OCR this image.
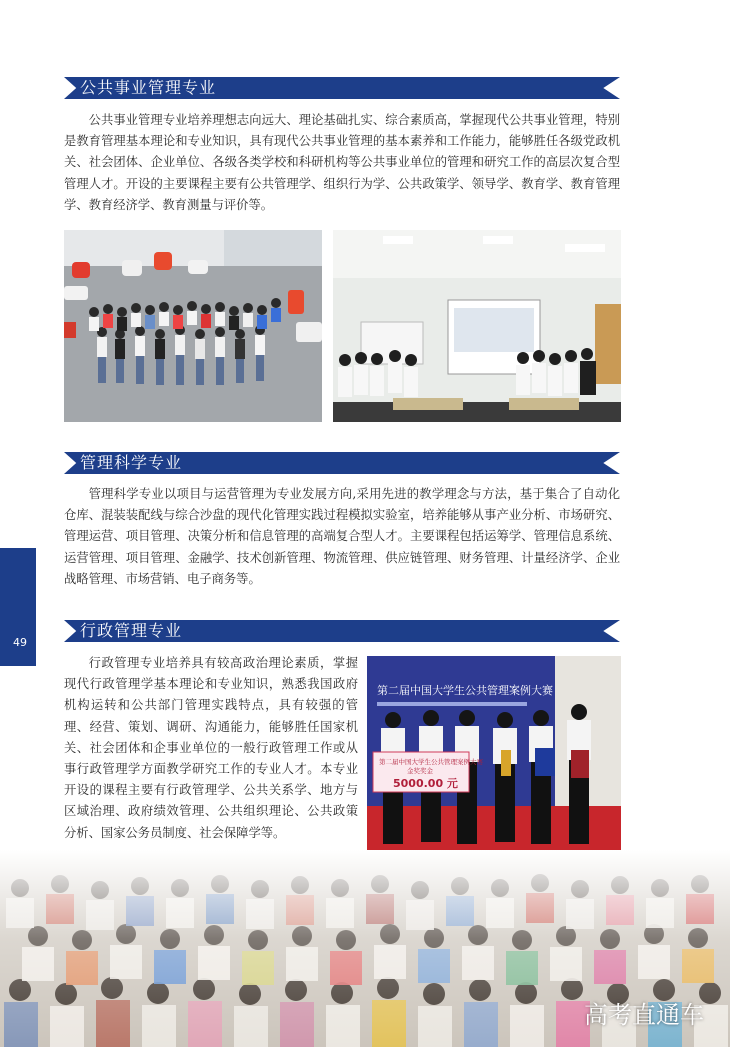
公共事业管理专业

公共事业管理专业培养理想志向远大、理论基础扎实、综合素质高，掌握现代公共事业管理，特别是教育管理基本理论和专业知识，具有现代公共事业管理的基本素养和工作能力，能够胜任各级党政机关、社会团体、企业单位、各级各类学校和科研机构等公共事业单位的管理和研究工作的高层次复合型管理人才。开设的主要课程主要有公共管理学、组织行为学、公共政策学、领导学、教育学、教育管理学、教育经济学、教育测量与评价等。

管理科学专业

管理科学专业以项目与运营管理为专业发展方向,采用先进的教学理念与方法，基于集合了自动化仓库、混装装配线与综合沙盘的现代化管理实践过程模拟实验室，培养能够从事产业分析、市场研究、管理运营、项目管理、决策分析和信息管理的高端复合型人才。主要课程包括运筹学、管理信息系统、运营管理、项目管理、金融学、技术创新管理、物流管理、供应链管理、财务管理、计量经济学、企业战略管理、市场营销、电子商务等。

行政管理专业

行政管理专业培养具有较高政治理论素质，掌握现代行政管理学基本理论和专业知识，熟悉我国政府机构运转和公共部门管理实践特点，具有较强的管理、经营、策划、调研、沟通能力，能够胜任国家机关、社会团体和企事业单位的一般行政管理工作或从事行政管理学方面教学研究工作的专业人才。本专业开设的课程主要有行政管理学、公共关系学、地方与区域治理、政府绩效管理、公共组织理论、公共政策分析、国家公务员制度、社会保障学等。

第二届中国大学生公共管理案例大赛
第二届中国大学生公共管理案例大赛
金奖奖金
5000.00 元
SCNU
49
高考直通车
